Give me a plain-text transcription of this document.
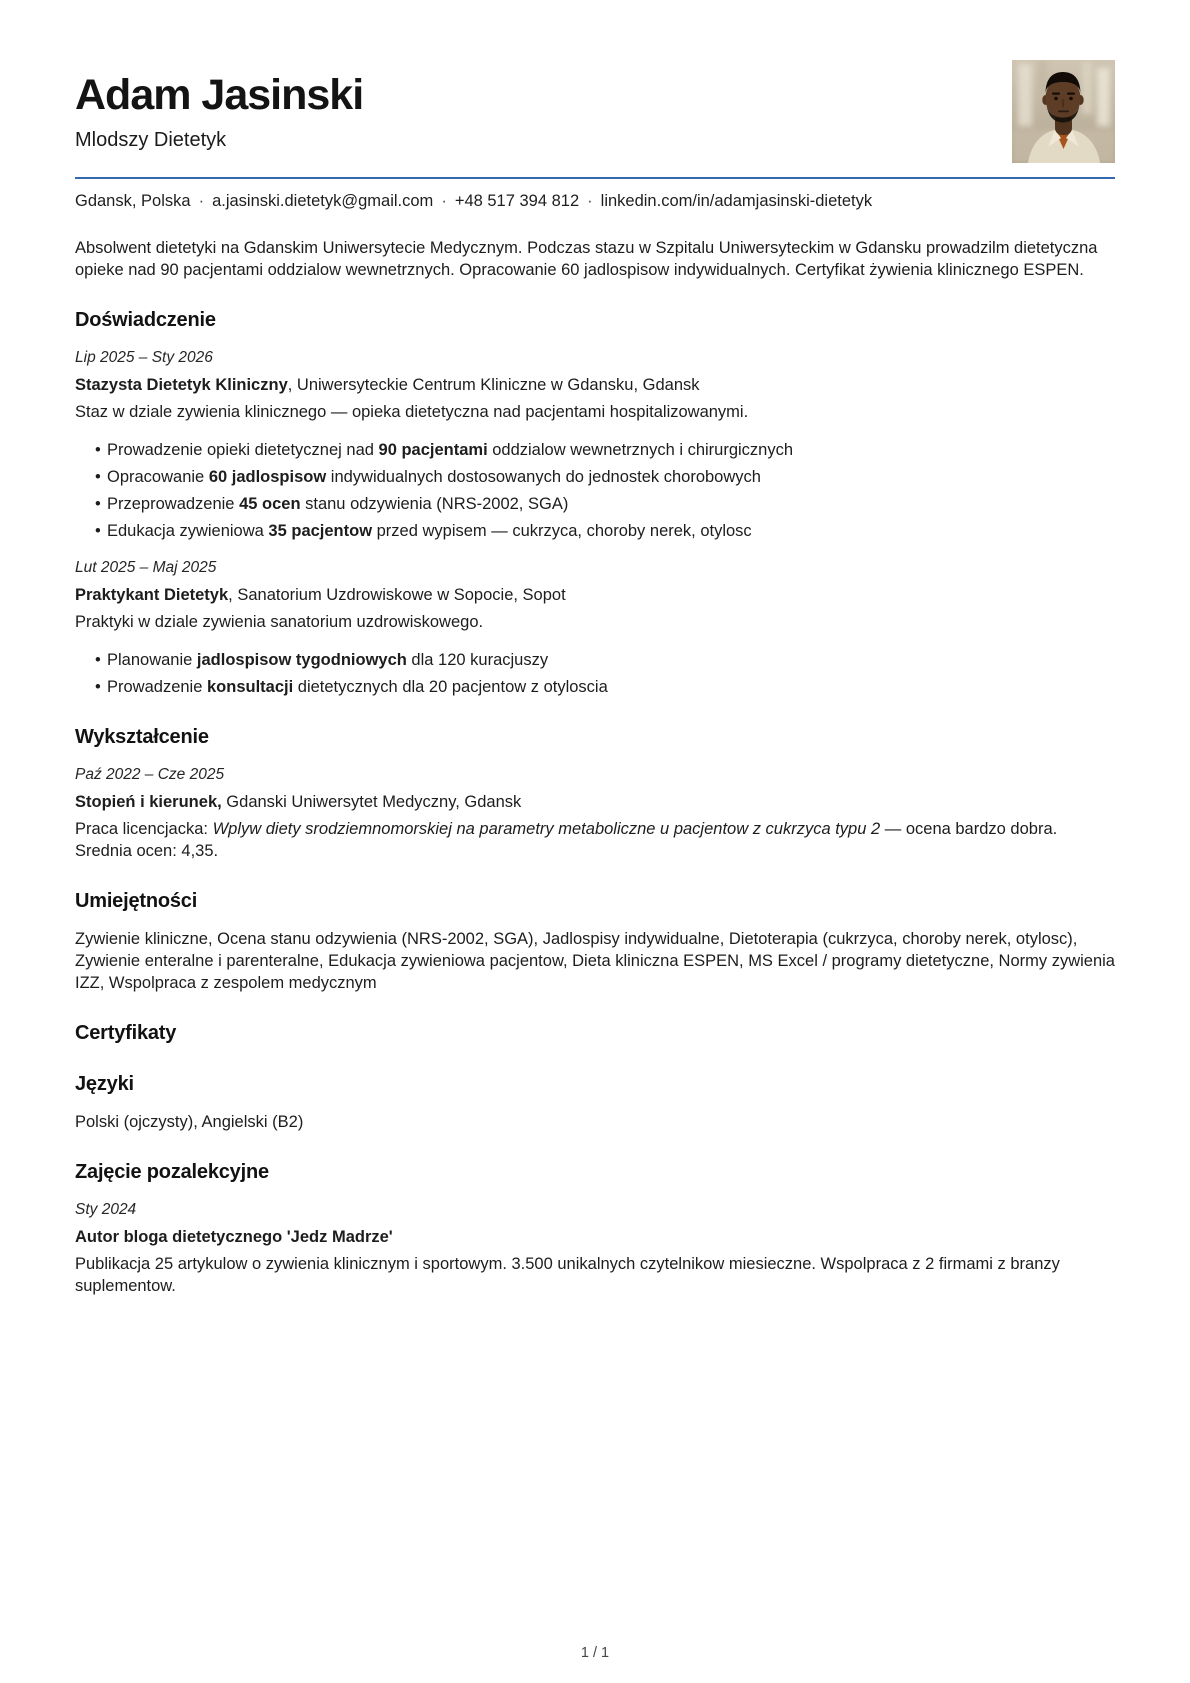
Adam Jasinski
Mlodszy Dietetyk
Gdansk, Polska · a.jasinski.dietetyk@gmail.com · +48 517 394 812 · linkedin.com/in/adamjasinski-dietetyk

Absolwent dietetyki na Gdanskim Uniwersytecie Medycznym. Podczas stazu w Szpitalu Uniwersyteckim w Gdansku prowadzilm dietetyczna opieke nad 90 pacjentami oddzialow wewnetrznych. Opracowanie 60 jadlospisow indywidualnych. Certyfikat żywienia klinicznego ESPEN.

Doświadczenie

Lip 2025 – Sty 2026

Stazysta Dietetyk Kliniczny, Uniwersyteckie Centrum Kliniczne w Gdansku, Gdansk

Staz w dziale zywienia klinicznego — opieka dietetyczna nad pacjentami hospitalizowanymi.

• Prowadzenie opieki dietetycznej nad 90 pacjentami oddzialow wewnetrznych i chirurgicznych
• Opracowanie 60 jadlospisow indywidualnych dostosowanych do jednostek chorobowych
• Przeprowadzenie 45 ocen stanu odzywienia (NRS-2002, SGA)
• Edukacja zywieniowa 35 pacjentow przed wypisem — cukrzyca, choroby nerek, otylosc

Lut 2025 – Maj 2025

Praktykant Dietetyk, Sanatorium Uzdrowiskowe w Sopocie, Sopot

Praktyki w dziale zywienia sanatorium uzdrowiskowego.

• Planowanie jadlospisow tygodniowych dla 120 kuracjuszy
• Prowadzenie konsultacji dietetycznych dla 20 pacjentow z otyloscia
Wykształcenie

Paź 2022 – Cze 2025

Stopień i kierunek, Gdanski Uniwersytet Medyczny, Gdansk

Praca licencjacka: Wplyw diety srodziemnomorskiej na parametry metaboliczne u pacjentow z cukrzyca typu 2 — ocena bardzo dobra. Srednia ocen: 4,35.

Umiejętności

Zywienie kliniczne, Ocena stanu odzywienia (NRS-2002, SGA), Jadlospisy indywidualne, Dietoterapia (cukrzyca, choroby nerek, otylosc), Zywienie enteralne i parenteralne, Edukacja zywieniowa pacjentow, Dieta kliniczna ESPEN, MS Excel / programy dietetyczne, Normy zywienia IZZ, Wspolpraca z zespolem medycznym

Certyfikaty
Języki

Polski (ojczysty), Angielski (B2)

Zajęcie pozalekcyjne

Sty 2024

Autor bloga dietetycznego 'Jedz Madrze'

Publikacja 25 artykulow o zywienia klinicznym i sportowym. 3.500 unikalnych czytelnikow miesieczne. Wspolpraca z 2 firmami z branzy suplementow.

1 / 1
